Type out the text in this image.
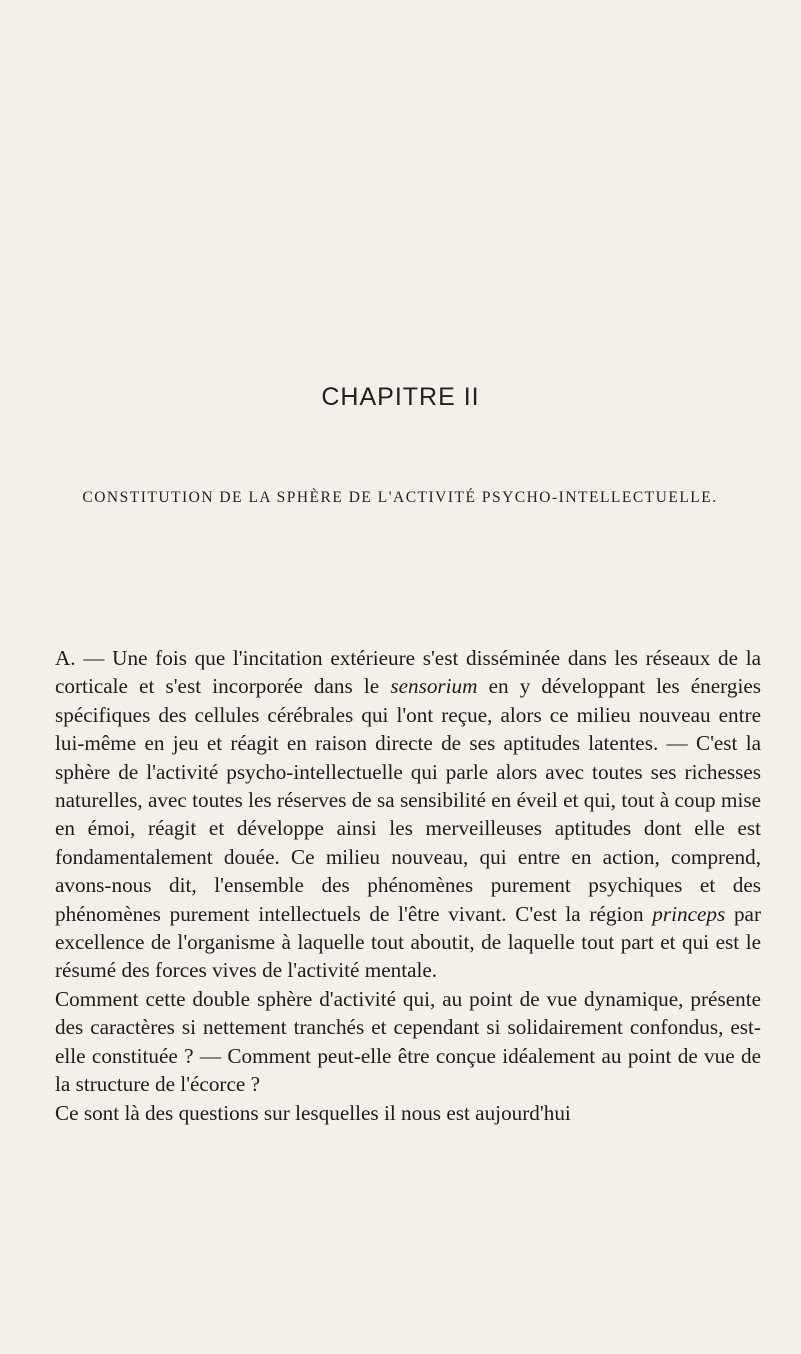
CHAPITRE II
CONSTITUTION DE LA SPHÈRE DE L'ACTIVITÉ PSYCHO-INTELLECTUELLE.

A. — Une fois que l'incitation extérieure s'est disséminée dans les réseaux de la corticale et s'est incorporée dans le sensorium en y développant les énergies spécifiques des cellules cérébrales qui l'ont reçue, alors ce milieu nouveau entre lui-même en jeu et réagit en raison directe de ses aptitudes latentes. — C'est la sphère de l'activité psycho-intellectuelle qui parle alors avec toutes ses richesses naturelles, avec toutes les réserves de sa sensibilité en éveil et qui, tout à coup mise en émoi, réagit et développe ainsi les merveilleuses aptitudes dont elle est fondamentalement douée. Ce milieu nouveau, qui entre en action, comprend, avons-nous dit, l'ensemble des phénomènes purement psychiques et des phénomènes purement intellectuels de l'être vivant. C'est la région princeps par excellence de l'organisme à laquelle tout aboutit, de laquelle tout part et qui est le résumé des forces vives de l'activité mentale.

Comment cette double sphère d'activité qui, au point de vue dynamique, présente des caractères si nettement tranchés et cependant si solidairement confondus, est-elle constituée ? — Comment peut-elle être conçue idéalement au point de vue de la structure de l'écorce ?

Ce sont là des questions sur lesquelles il nous est aujourd'hui
